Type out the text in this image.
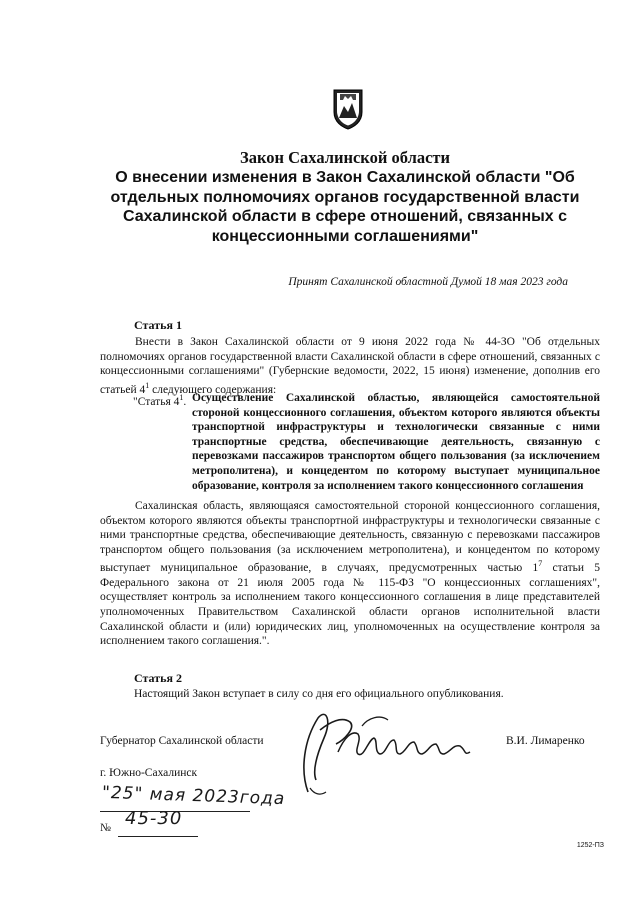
Закон Сахалинской области
О внесении изменения в Закон Сахалинской области "Об отдельных полномочиях органов государственной власти Сахалинской области в сфере отношений, связанных с концессионными соглашениями"
Принят Сахалинской областной Думой 18 мая 2023 года
Статья 1
Внести в Закон Сахалинской области от 9 июня 2022 года № 44-ЗО "Об отдельных полномочиях органов государственной власти Сахалинской области в сфере отношений, связанных с концессионными соглашениями" (Губернские ведомости, 2022, 15 июня) изменение, дополнив его статьей $4^1$ следующего содержания:
"Статья $4^1$. Осуществление Сахалинской областью, являющейся самостоятельной стороной концессионного соглашения, объектом которого являются объекты транспортной инфраструктуры и технологически связанные с ними транспортные средства, обеспечивающие деятельность, связанную с перевозками пассажиров транспортом общего пользования (за исключением метрополитена), и концедентом по которому выступает муниципальное образование, контроля за исполнением такого концессионного соглашения
Сахалинская область, являющаяся самостоятельной стороной концессионного соглашения, объектом которого являются объекты транспортной инфраструктуры и технологически связанные с ними транспортные средства, обеспечивающие деятельность, связанную с перевозками пассажиров транспортом общего пользования (за исключением метрополитена), и концедентом по которому выступает муниципальное образование, в случаях, предусмотренных частью $1^7$ статьи 5 Федерального закона от 21 июля 2005 года № 115-ФЗ "О концессионных соглашениях", осуществляет контроль за исполнением такого концессионного соглашения в лице представителей уполномоченных Правительством Сахалинской области органов исполнительной власти Сахалинской области и (или) юридических лиц, уполномоченных на осуществление контроля за исполнением такого соглашения.".
Статья 2
Настоящий Закон вступает в силу со дня его официального опубликования.
Губернатор Сахалинской области	В.И. Лимаренко
г. Южно-Сахалинск
"25" мая 2023года
№ 45-30
1252-ПЗ
